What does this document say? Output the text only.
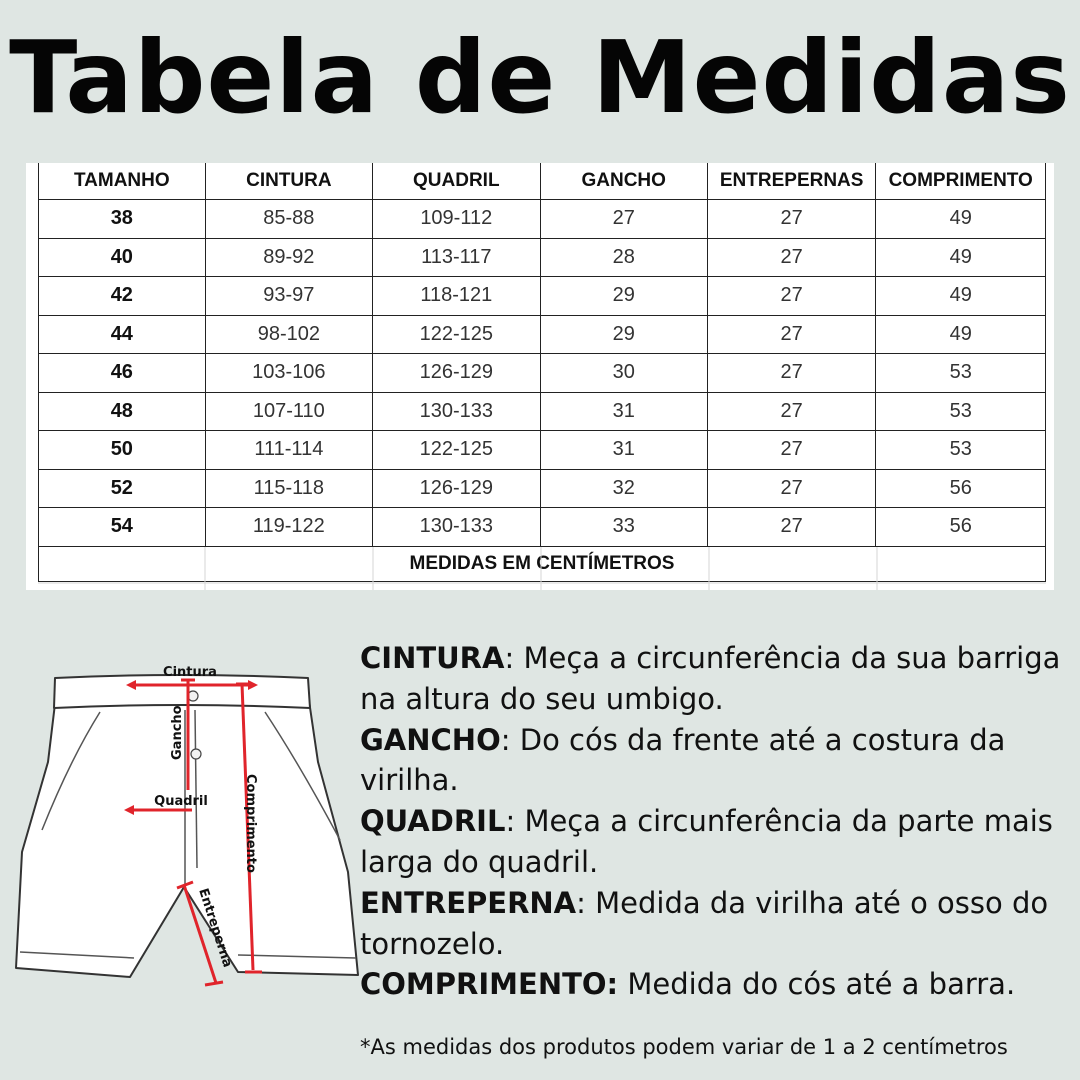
Tabela de Medidas
TAMANHO	CINTURA	QUADRIL	GANCHO	ENTREPERNAS	COMPRIMENTO
38	85-88	109-112	27	27	49
40	89-92	113-117	28	27	49
42	93-97	118-121	29	27	49
44	98-102	122-125	29	27	49
46	103-106	126-129	30	27	53
48	107-110	130-133	31	27	53
50	111-114	122-125	31	27	53
52	115-118	126-129	32	27	56
54	119-122	130-133	33	27	56
MEDIDAS EM CENTÍMETROS					
Cintura
Gancho
Quadril	Comprimento
Entreperna

CINTURA: Meça a circunferência da sua barriga na altura do seu umbigo.

GANCHO: Do cós da frente até a costura da virilha.

QUADRIL: Meça a circunferência da parte mais larga do quadril.

ENTREPERNA: Medida da virilha até o osso do tornozelo.

COMPRIMENTO: Medida do cós até a barra.

*As medidas dos produtos podem variar de 1 a 2 centímetros
